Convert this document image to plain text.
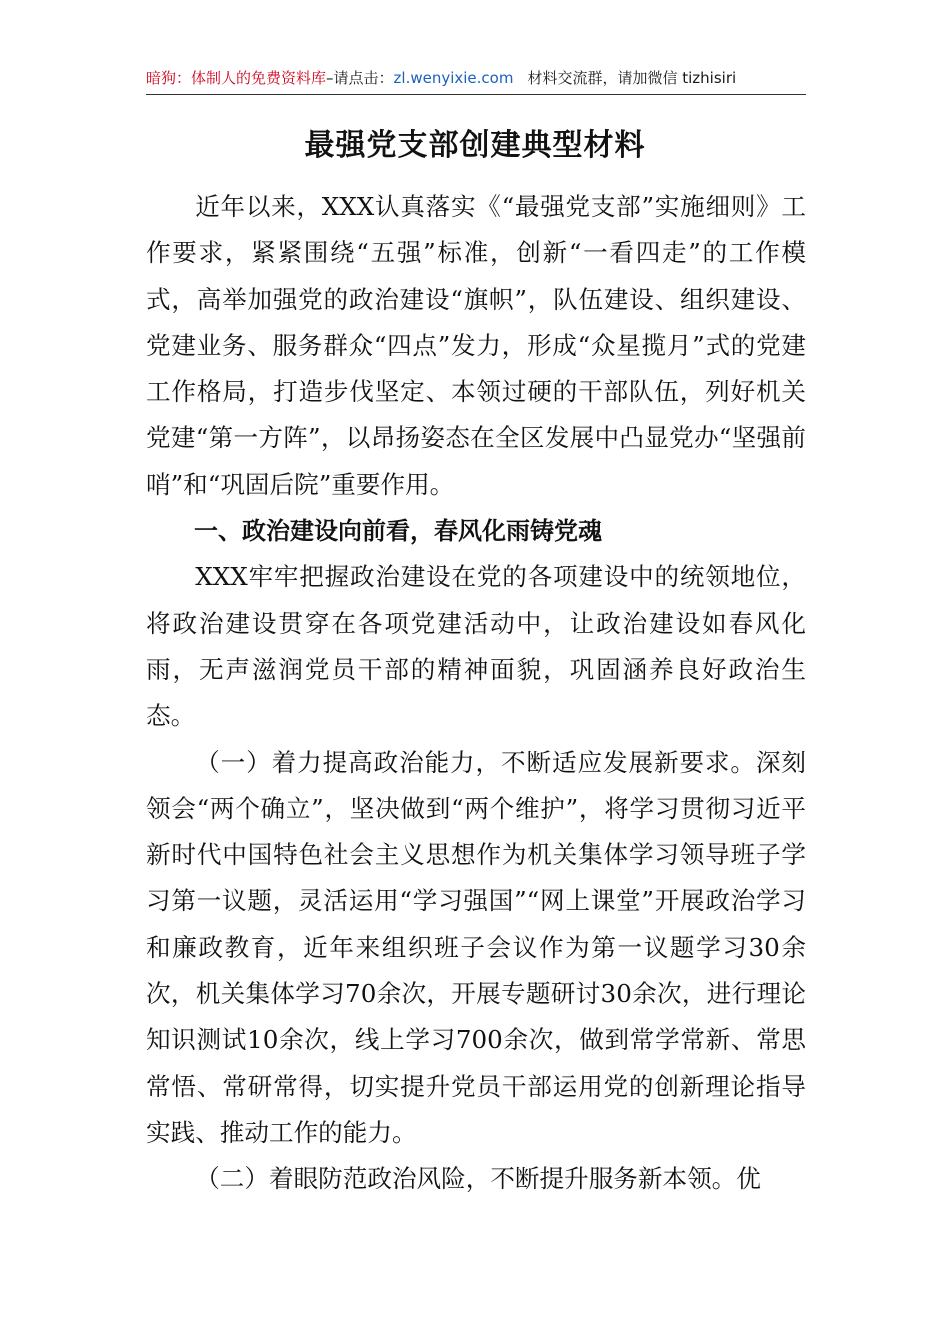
暗狗：体制人的免费资料库–请点击：zl.wenyixie.com 材料交流群，请加微信 tizhisiri
最强党支部创建典型材料

近年以来，XXX认真落实《“最强党支部”实施细则》工作要求，紧紧围绕“五强”标准，创新“一看四走”的工作模式，高举加强党的政治建设“旗帜”，队伍建设、组织建设、党建业务、服务群众“四点”发力，形成“众星揽月”式的党建工作格局，打造步伐坚定、本领过硬的干部队伍，列好机关党建“第一方阵”，以昂扬姿态在全区发展中凸显党办“坚强前哨”和“巩固后院”重要作用。

一、政治建设向前看，春风化雨铸党魂

XXX牢牢把握政治建设在党的各项建设中的统领地位，将政治建设贯穿在各项党建活动中，让政治建设如春风化雨，无声滋润党员干部的精神面貌，巩固涵养良好政治生态。

（一）着力提高政治能力，不断适应发展新要求。深刻领会“两个确立”，坚决做到“两个维护”，将学习贯彻习近平新时代中国特色社会主义思想作为机关集体学习领导班子学习第一议题，灵活运用“学习强国”“网上课堂”开展政治学习和廉政教育，近年来组织班子会议作为第一议题学习30余次，机关集体学习70余次，开展专题研讨30余次，进行理论知识测试10余次，线上学习700余次，做到常学常新、常思常悟、常研常得，切实提升党员干部运用党的创新理论指导实践、推动工作的能力。

（二）着眼防范政治风险，不断提升服务新本领。优
